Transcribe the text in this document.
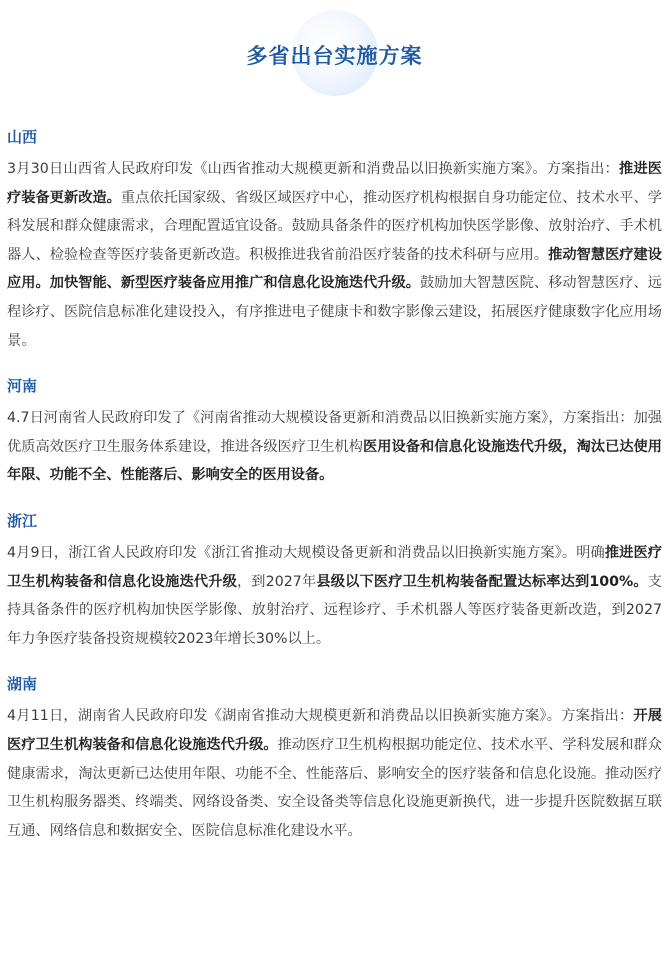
多省出台实施方案
山西

3月30日山西省人民政府印发《山西省推动大规模更新和消费品以旧换新实施方案》。方案指出：推进医疗装备更新改造。重点依托国家级、省级区域医疗中心，推动医疗机构根据自身功能定位、技术水平、学科发展和群众健康需求，合理配置适宜设备。鼓励具备条件的医疗机构加快医学影像、放射治疗、手术机器人、检验检查等医疗装备更新改造。积极推进我省前沿医疗装备的技术科研与应用。推动智慧医疗建设应用。加快智能、新型医疗装备应用推广和信息化设施迭代升级。鼓励加大智慧医院、移动智慧医疗、远程诊疗、医院信息标准化建设投入，有序推进电子健康卡和数字影像云建设，拓展医疗健康数字化应用场景。

河南

4.7日河南省人民政府印发了《河南省推动大规模设备更新和消费品以旧换新实施方案》，方案指出：加强优质高效医疗卫生服务体系建设，推进各级医疗卫生机构医用设备和信息化设施迭代升级，淘汰已达使用年限、功能不全、性能落后、影响安全的医用设备。

浙江

4月9日，浙江省人民政府印发《浙江省推动大规模设备更新和消费品以旧换新实施方案》。明确推进医疗卫生机构装备和信息化设施迭代升级，到2027年县级以下医疗卫生机构装备配置达标率达到100%。支持具备条件的医疗机构加快医学影像、放射治疗、远程诊疗、手术机器人等医疗装备更新改造，到2027年力争医疗装备投资规模较2023年增长30%以上。

湖南

4月11日，湖南省人民政府印发《湖南省推动大规模更新和消费品以旧换新实施方案》。方案指出：开展医疗卫生机构装备和信息化设施迭代升级。推动医疗卫生机构根据功能定位、技术水平、学科发展和群众健康需求，淘汰更新已达使用年限、功能不全、性能落后、影响安全的医疗装备和信息化设施。推动医疗卫生机构服务器类、终端类、网络设备类、安全设备类等信息化设施更新换代，进一步提升医院数据互联互通、网络信息和数据安全、医院信息标准化建设水平。
